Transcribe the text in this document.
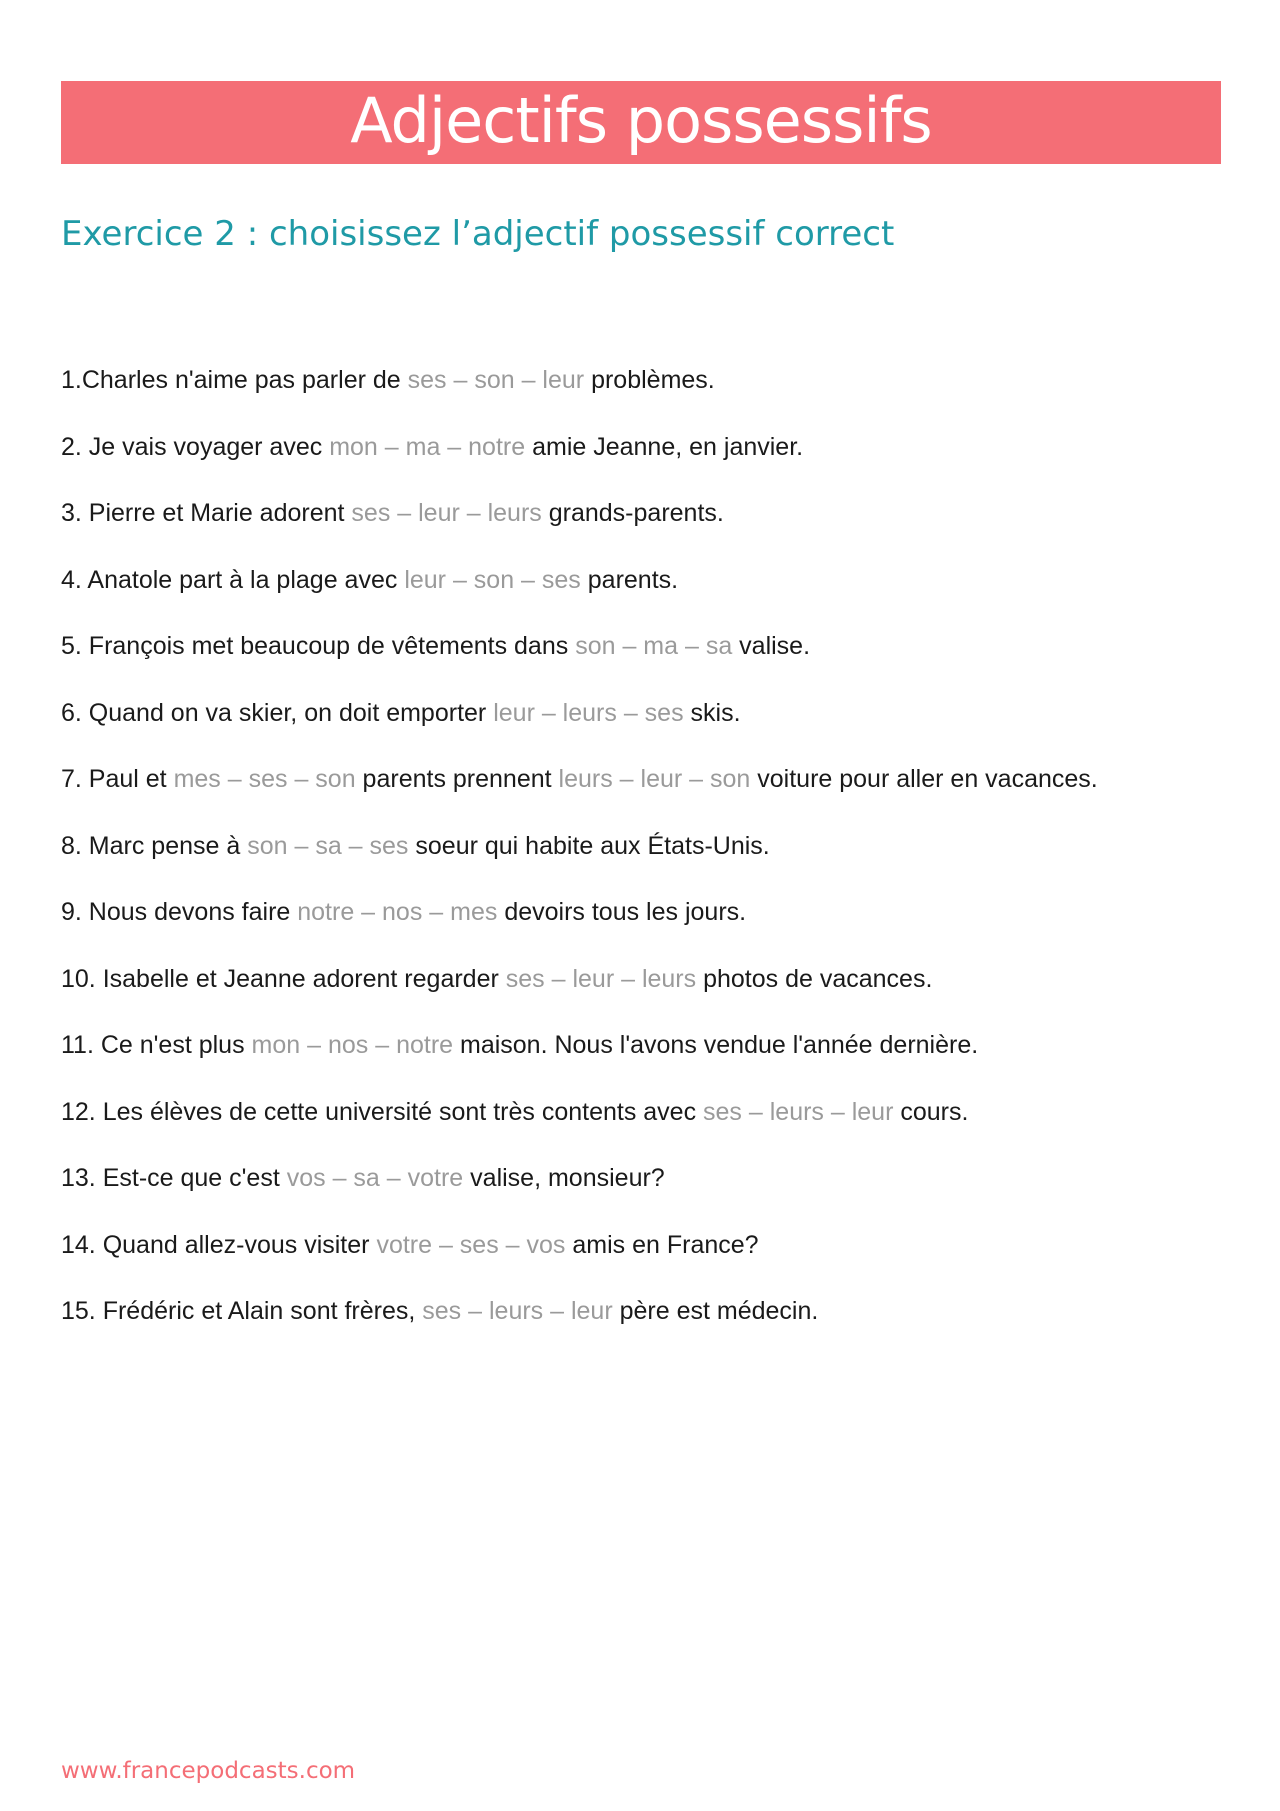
Adjectifs possessifs
Exercice 2 : choisissez l’adjectif possessif correct
1.Charles n'aime pas parler de ses – son – leur problèmes.
2. Je vais voyager avec mon – ma – notre amie Jeanne, en janvier.
3. Pierre et Marie adorent ses – leur – leurs grands-parents.
4. Anatole part à la plage avec leur – son – ses parents.
5. François met beaucoup de vêtements dans son – ma – sa valise.
6. Quand on va skier, on doit emporter leur – leurs – ses skis.
7. Paul et mes – ses – son parents prennent leurs – leur – son voiture pour aller en vacances.
8. Marc pense à son – sa – ses soeur qui habite aux États-Unis.
9. Nous devons faire notre – nos – mes devoirs tous les jours.
10. Isabelle et Jeanne adorent regarder ses – leur – leurs photos de vacances.
11. Ce n'est plus mon – nos – notre maison. Nous l'avons vendue l'année dernière.
12. Les élèves de cette université sont très contents avec ses – leurs – leur cours.
13. Est-ce que c'est vos – sa – votre valise, monsieur?
14. Quand allez-vous visiter votre – ses – vos amis en France?
15. Frédéric et Alain sont frères, ses – leurs – leur père est médecin.
www.francepodcasts.com
